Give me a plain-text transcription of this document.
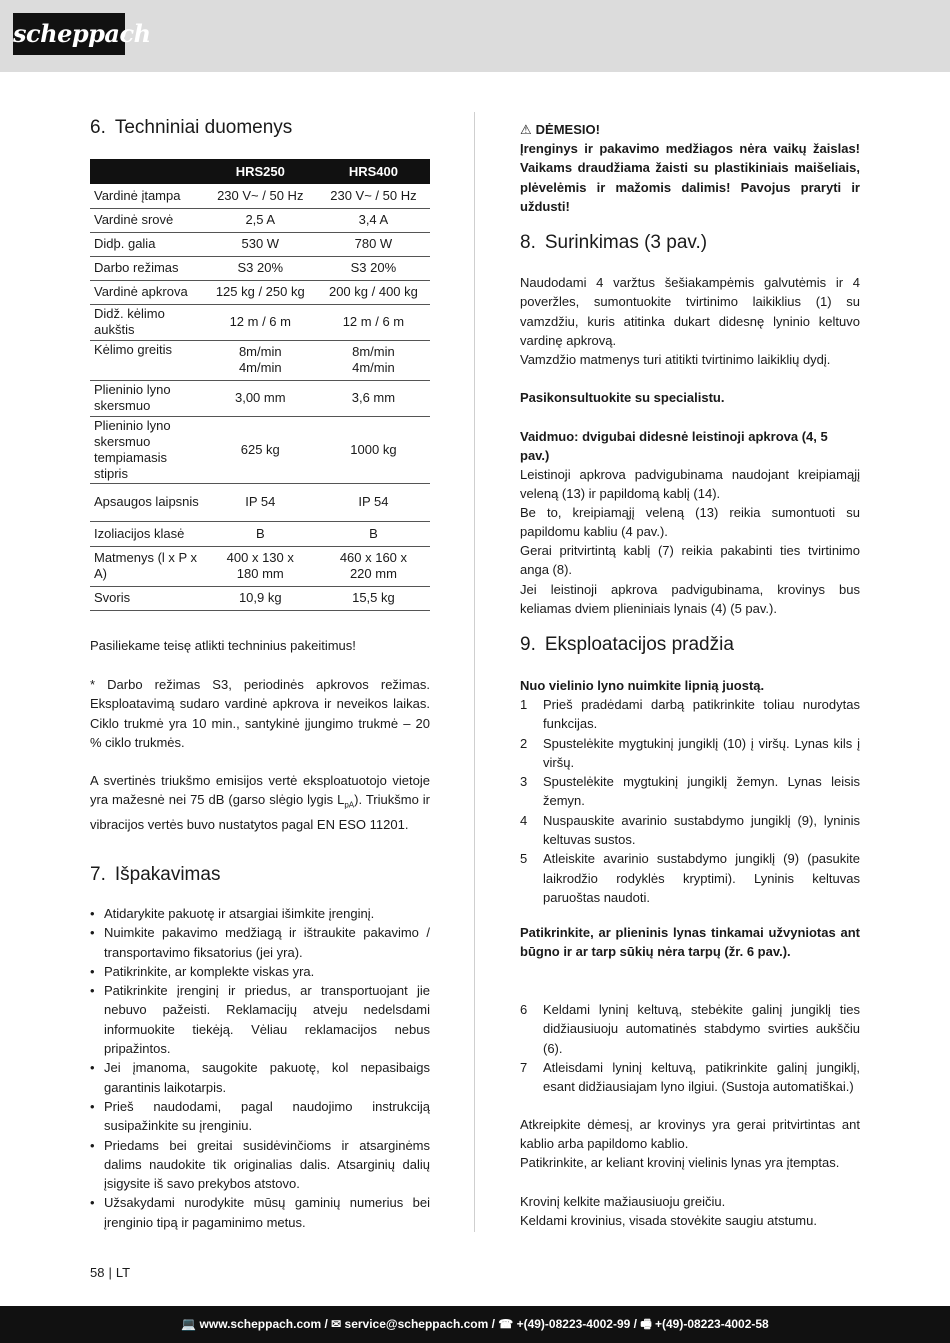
scheppach
6. Techniniai duomenys
	HRS250	HRS400
Vardinė įtampa	230 V~ / 50 Hz	230 V~ / 50 Hz
Vardinė srovė	2,5 A	3,4 A
Didþ. galia	530 W	780 W
Darbo režimas	S3 20%	S3 20%
Vardinė apkrova	125 kg / 250 kg	200 kg / 400 kg
Didž. kėlimo aukštis	12 m / 6 m	12 m / 6 m
Kėlimo greitis	8m/min 4m/min	8m/min 4m/min
Plieninio lyno skersmuo	3,00 mm	3,6 mm
Plieninio lyno skersmuo tempiamasis stipris	625 kg	1000 kg
Apsaugos laipsnis	IP 54	IP 54
Izoliacijos klasė	B	B
Matmenys (l x P x A)	400 x 130 x 180 mm	460 x 160 x 220 mm
Svoris	10,9 kg	15,5 kg

Pasiliekame teisę atlikti techninius pakeitimus!

* Darbo režimas S3, periodinės apkrovos režimas. Eksploatavimą sudaro vardinė apkrova ir neveikos laikas. Ciklo trukmė yra 10 min., santykinė įjungimo trukmė – 20 % ciklo trukmės.

A svertinės triukšmo emisijos vertė eksploatuotojo vietoje yra mažesnė nei 75 dB (garso slėgio lygis $L_{pA}$). Triukšmo ir vibracijos vertės buvo nustatytos pagal EN ESO 11201.

7. Išpakavimas
• Atidarykite pakuotę ir atsargiai išimkite įrenginį.
• Nuimkite pakavimo medžiagą ir ištraukite pakavimo / transportavimo fiksatorius (jei yra).
• Patikrinkite, ar komplekte viskas yra.
• Patikrinkite įrenginį ir priedus, ar transportuojant jie nebuvo pažeisti. Reklamacijų atveju nedelsdami informuokite tiekėją. Vėliau reklamacijos nebus pripažintos.
• Jei įmanoma, saugokite pakuotę, kol nepasibaigs garantinis laikotarpis.
• Prieš naudodami, pagal naudojimo instrukciją susipažinkite su įrenginiu.
• Priedams bei greitai susidėvinčioms ir atsarginėms dalims naudokite tik originalias dalis. Atsarginių dalių įsigysite iš savo prekybos atstovo.
• Užsakydami nurodykite mūsų gaminių numerius bei įrenginio tipą ir pagaminimo metus.

⚠ DĖMESIO!

Įrenginys ir pakavimo medžiagos nėra vaikų žaislas! Vaikams draudžiama žaisti su plastikiniais maišeliais, plėvelėmis ir mažomis dalimis! Pavojus praryti ir uždusti!

8. Surinkimas (3 pav.)

Naudodami 4 varžtus šešiakampėmis galvutėmis ir 4 poveržles, sumontuokite tvirtinimo laikiklius (1) su vamzdžiu, kuris atitinka dukart didesnę lyninio keltuvo vardinę apkrovą.

Vamzdžio matmenys turi atitikti tvirtinimo laikiklių dydį.

Pasikonsultuokite su specialistu.

Vaidmuo: dvigubai didesnė leistinoji apkrova (4, 5 pav.)

Leistinoji apkrova padvigubinama naudojant kreipiamąjį veleną (13) ir papildomą kablį (14).

Be to, kreipiamąjį veleną (13) reikia sumontuoti su papildomu kabliu (4 pav.).

Gerai pritvirtintą kablį (7) reikia pakabinti ties tvirtinimo anga (8).

Jei leistinoji apkrova padvigubinama, krovinys bus keliamas dviem plieniniais lynais (4) (5 pav.).

9. Eksploatacijos pradžia

Nuo vielinio lyno nuimkite lipnią juostą.

1 Prieš pradėdami darbą patikrinkite toliau nurodytas funkcijas.
2 Spustelėkite mygtukinį jungiklį (10) į viršų. Lynas kils į viršų.
3 Spustelėkite mygtukinį jungiklį žemyn. Lynas leisis žemyn.
4 Nuspauskite avarinio sustabdymo jungiklį (9), lyninis keltuvas sustos.
5 Atleiskite avarinio sustabdymo jungiklį (9) (pasukite laikrodžio rodyklės kryptimi). Lyninis keltuvas paruoštas naudoti.

Patikrinkite, ar plieninis lynas tinkamai užvyniotas ant būgno ir ar tarp sūkių nėra tarpų (žr. 6 pav.).

6 Keldami lyninį keltuvą, stebėkite galinį jungiklį ties didžiausiuoju automatinės stabdymo svirties aukščiu (6).
7 Atleisdami lyninį keltuvą, patikrinkite galinį jungiklį, esant didžiausiajam lyno ilgiui. (Sustoja automatiškai.)

Atkreipkite dėmesį, ar krovinys yra gerai pritvirtintas ant kablio arba papildomo kablio.

Patikrinkite, ar keliant krovinį vielinis lynas yra įtemptas.

Krovinį kelkite mažiausiuoju greičiu.

Keldami krovinius, visada stovėkite saugiu atstumu.

58 | LT
💻 www.scheppach.com / ✉ service@scheppach.com / ☎ +(49)-08223-4002-99 / 🖷 +(49)-08223-4002-58
